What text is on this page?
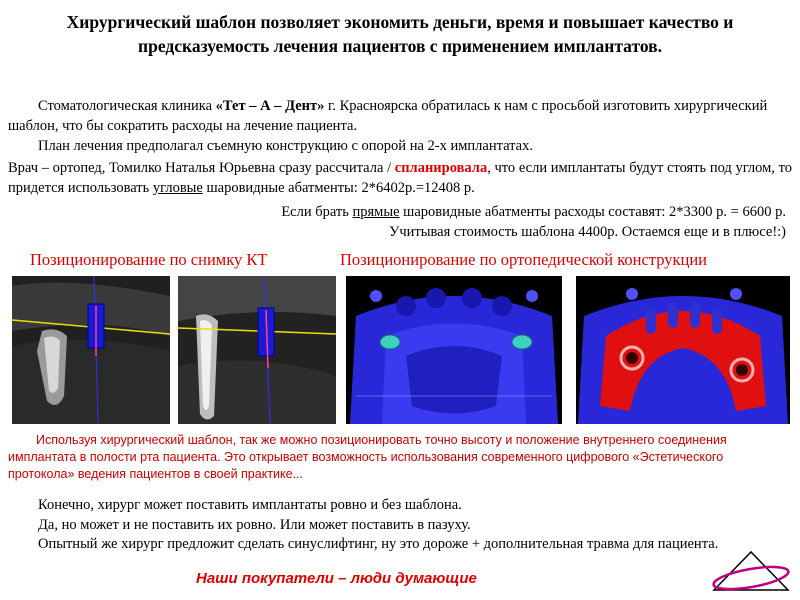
Хирургический шаблон позволяет экономить деньги, время и повышает качество и предсказуемость лечения пациентов с применением имплантатов.
Стоматологическая клиника «Тет – А – Дент» г. Красноярска обратилась к нам с просьбой изготовить хирургический шаблон, что бы сократить расходы на лечение пациента.
План лечения предполагал съемную конструкцию с опорой на 2-х имплантатах.
Врач – ортопед, Томилко Наталья Юрьевна сразу рассчитала / спланировала, что если имплантаты будут стоять под углом, то придется использовать угловые шаровидные абатменты: 2*6402р.=12408 р.
Если брать прямые шаровидные абатменты расходы составят: 2*3300 р. = 6600 р.
Учитывая стоимость шаблона 4400р. Остаемся еще и в плюсе!:)
Позиционирование по снимку КТ	Позиционирование по ортопедической конструкции
Используя хирургический шаблон, так же можно позиционировать точно высоту и положение внутреннего соединения имплантата в полости рта пациента. Это открывает возможность использования современного цифрового «Эстетического протокола» ведения пациентов в своей практике...
Конечно, хирург может поставить имплантаты ровно и без шаблона.
Да, но может и не поставить их ровно. Или может поставить в пазуху.
Опытный же хирург предложит сделать синуслифтинг, ну это дороже + дополнительная травма для пациента.
Наши покупатели – люди думающие
